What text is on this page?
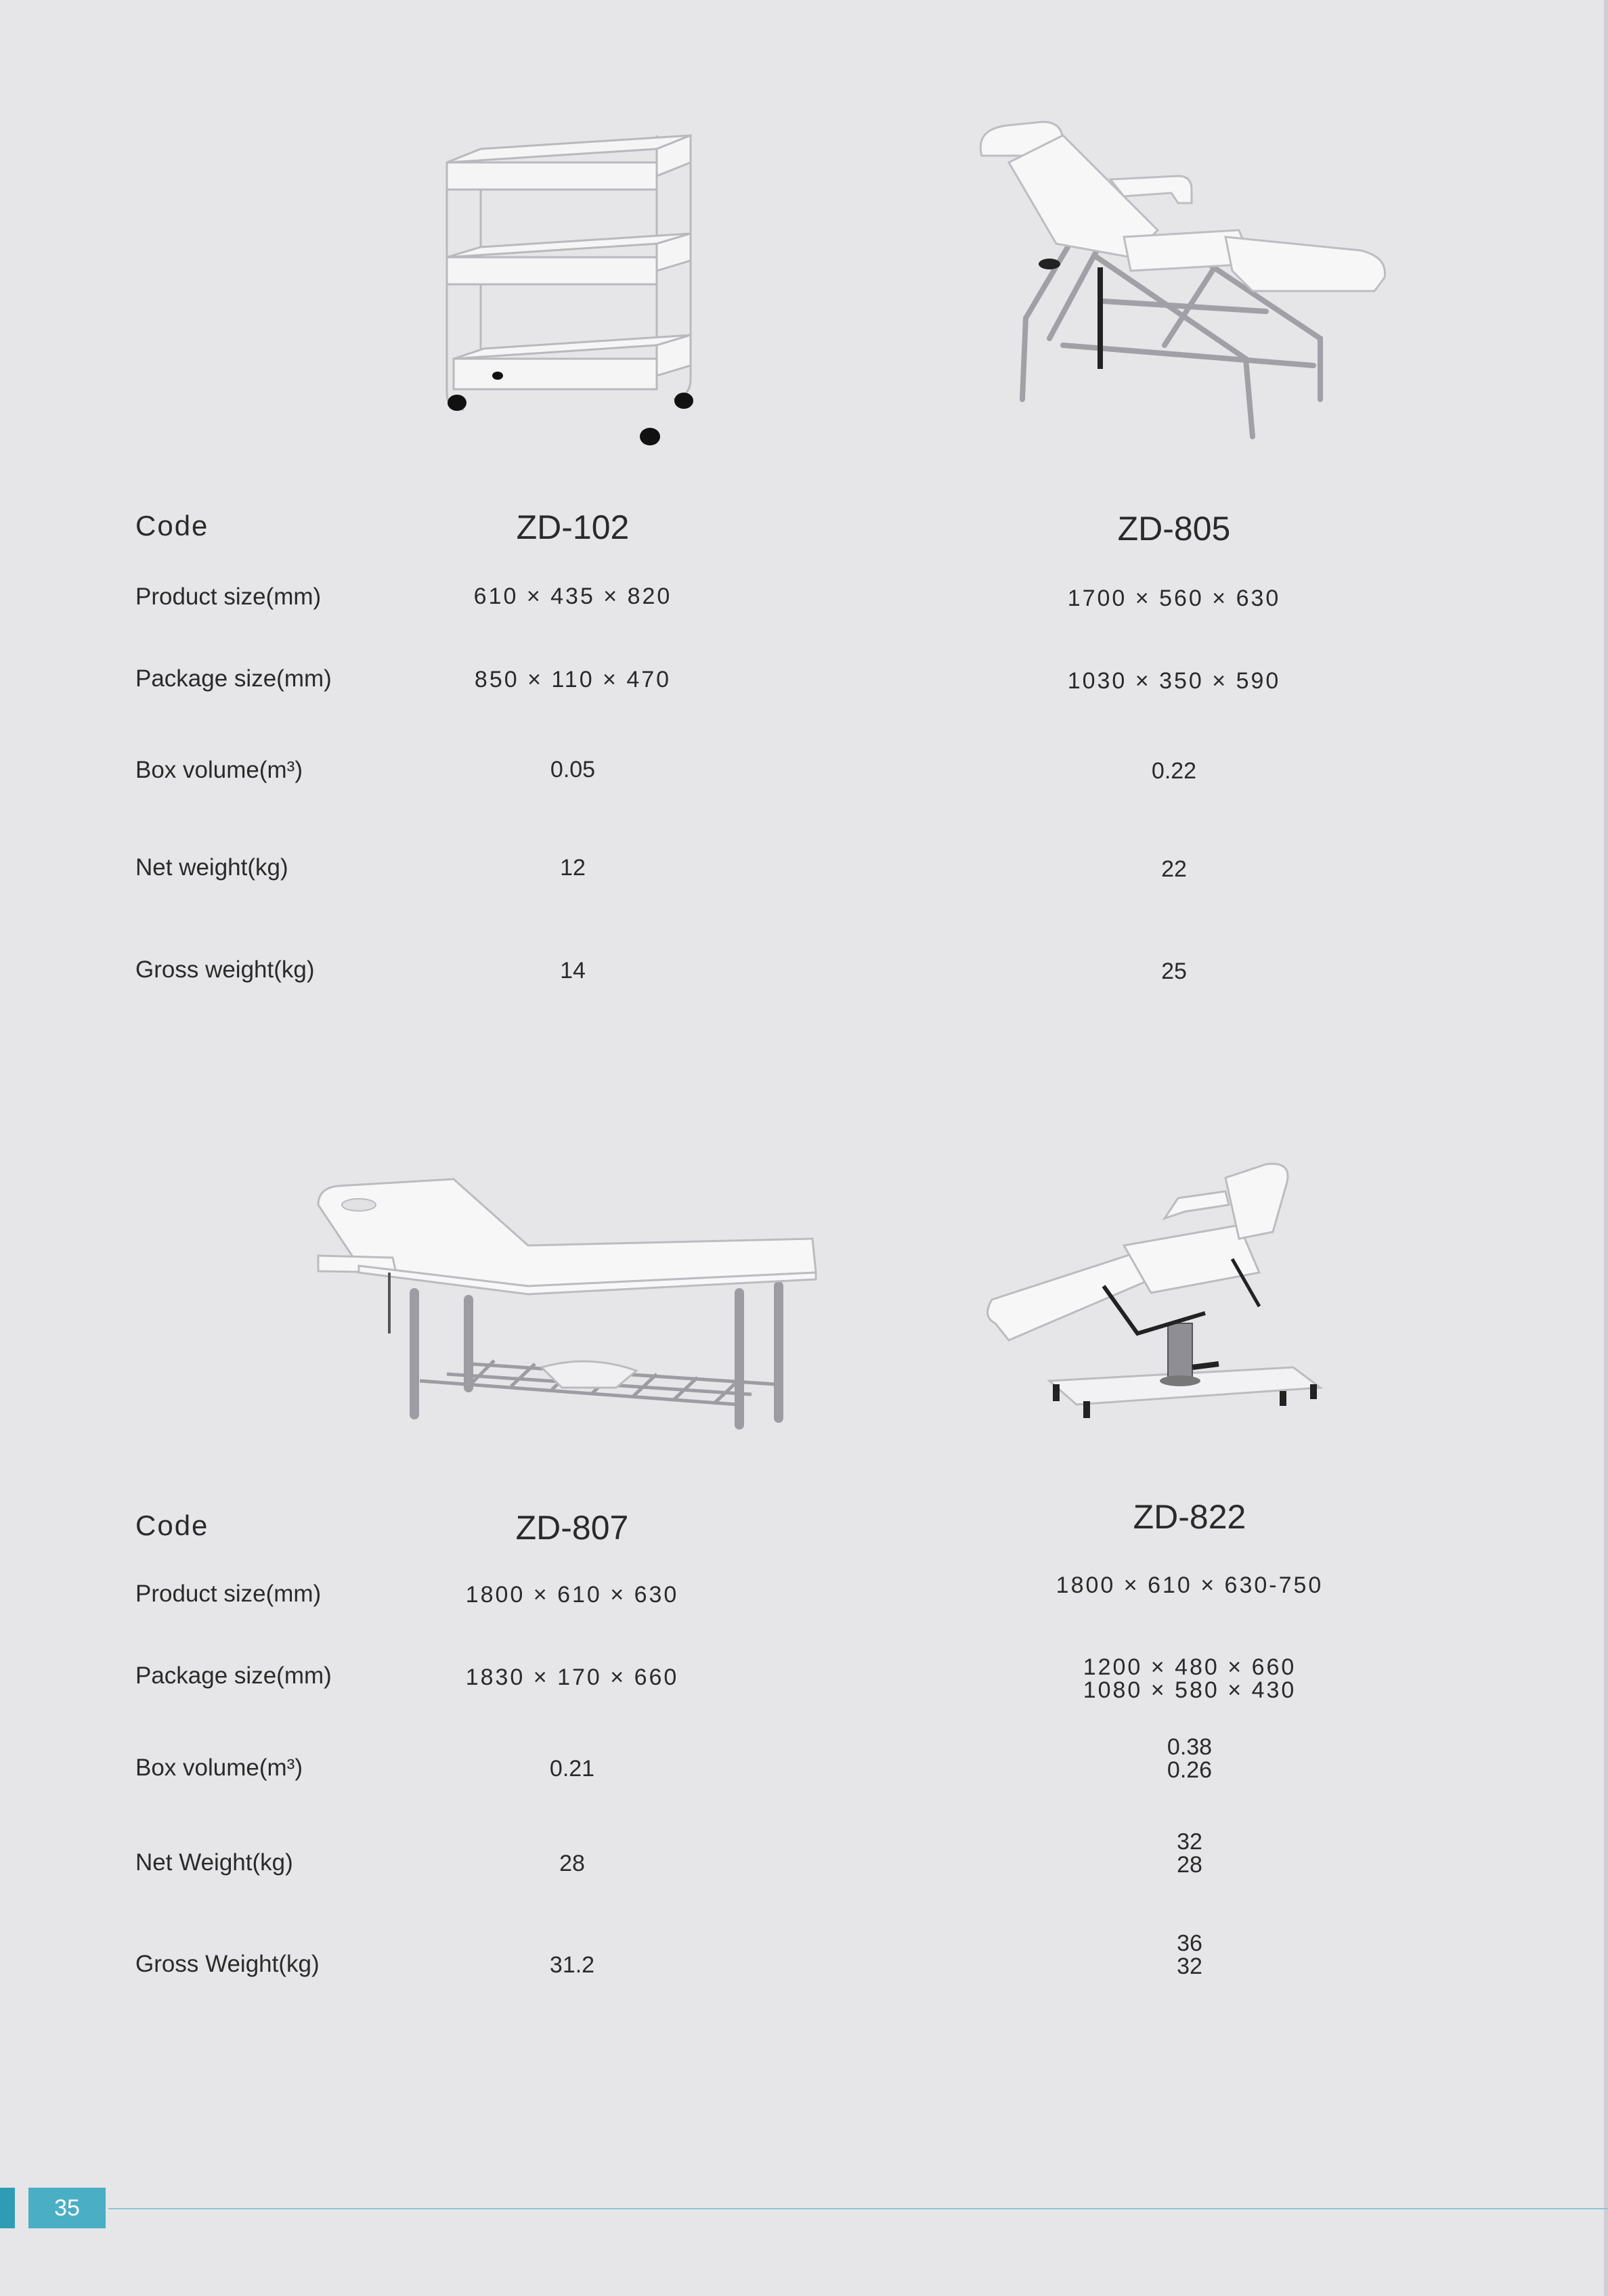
Code
Product size(mm)
Package size(mm)
Box volume(m³)
Net weight(kg)
Gross weight(kg)
ZD-102
610 × 435 × 820
850 × 110 × 470
0.05
12
14
ZD-805
1700 × 560 × 630
1030 × 350 × 590
0.22
22
25
Code
Product size(mm)
Package size(mm)
Box volume(m³)
Net Weight(kg)
Gross Weight(kg)
ZD-807
1800 × 610 × 630
1830 × 170 × 660
0.21
28
31.2
ZD-822
1800 × 610 × 630-750
1200 × 480 × 660
1080 × 580 × 430
0.38
0.26
32
28
36
32
35
